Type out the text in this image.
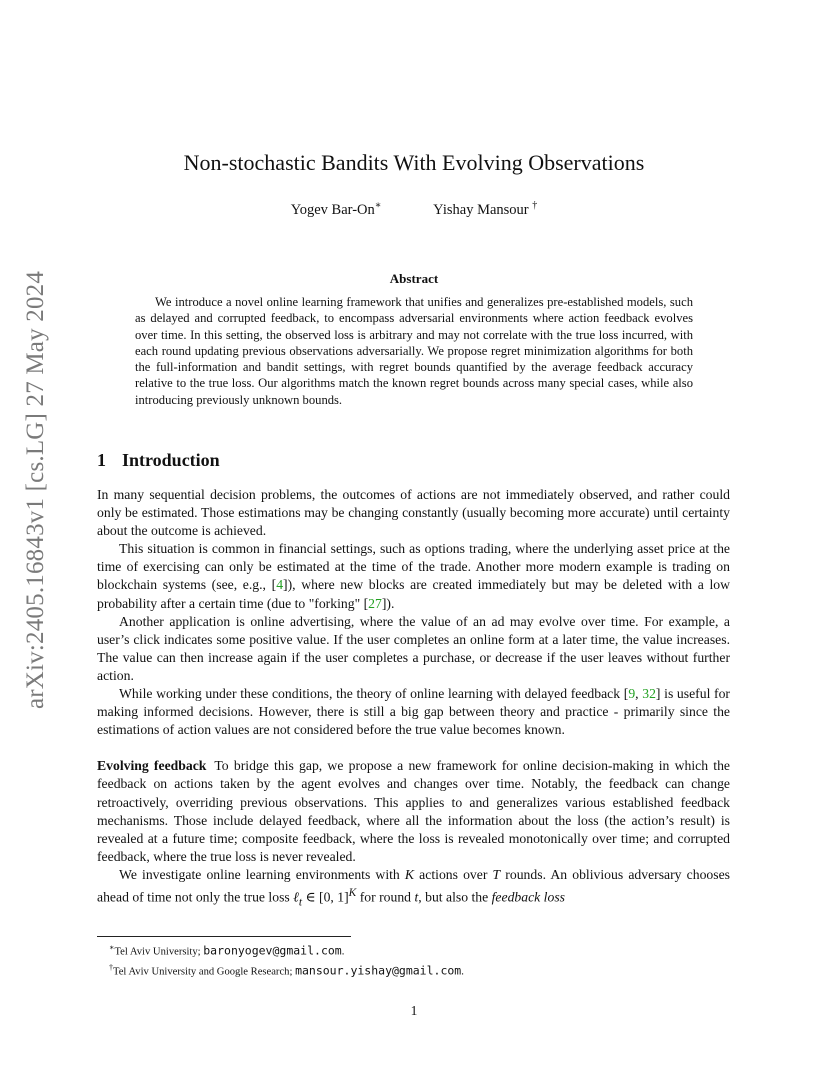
arXiv:2405.16843v1 [cs.LG] 27 May 2024
Non-stochastic Bandits With Evolving Observations
Yogev Bar-On∗	Yishay Mansour †
Abstract

We introduce a novel online learning framework that unifies and generalizes pre-established models, such as delayed and corrupted feedback, to encompass adversarial environments where action feedback evolves over time. In this setting, the observed loss is arbitrary and may not correlate with the true loss incurred, with each round updating previous observations adversarially. We propose regret minimization algorithms for both the full-information and bandit settings, with regret bounds quantified by the average feedback accuracy relative to the true loss. Our algorithms match the known regret bounds across many special cases, while also introducing previously unknown bounds.

1 Introduction

In many sequential decision problems, the outcomes of actions are not immediately observed, and rather could only be estimated. Those estimations may be changing constantly (usually becoming more accurate) until certainty about the outcome is achieved.

This situation is common in financial settings, such as options trading, where the underlying asset price at the time of exercising can only be estimated at the time of the trade. Another more modern example is trading on blockchain systems (see, e.g., [4]), where new blocks are created immediately but may be deleted with a low probability after a certain time (due to "forking" [27]).

Another application is online advertising, where the value of an ad may evolve over time. For example, a user’s click indicates some positive value. If the user completes an online form at a later time, the value increases. The value can then increase again if the user completes a purchase, or decrease if the user leaves without further action.

While working under these conditions, the theory of online learning with delayed feedback [9, 32] is useful for making informed decisions. However, there is still a big gap between theory and practice - primarily since the estimations of action values are not considered before the true value becomes known.

Evolving feedback To bridge this gap, we propose a new framework for online decision-making in which the feedback on actions taken by the agent evolves and changes over time. Notably, the feedback can change retroactively, overriding previous observations. This applies to and generalizes various established feedback mechanisms. Those include delayed feedback, where all the information about the loss (the action’s result) is revealed at a future time; composite feedback, where the loss is revealed monotonically over time; and corrupted feedback, where the true loss is never revealed.

We investigate online learning environments with K actions over T rounds. An oblivious adversary chooses ahead of time not only the true loss ℓ$_t$ ∈ [0, 1]$^K$ for round t, but also the feedback loss

∗Tel Aviv University; baronyogev@gmail.com.

†Tel Aviv University and Google Research; mansour.yishay@gmail.com.

1
